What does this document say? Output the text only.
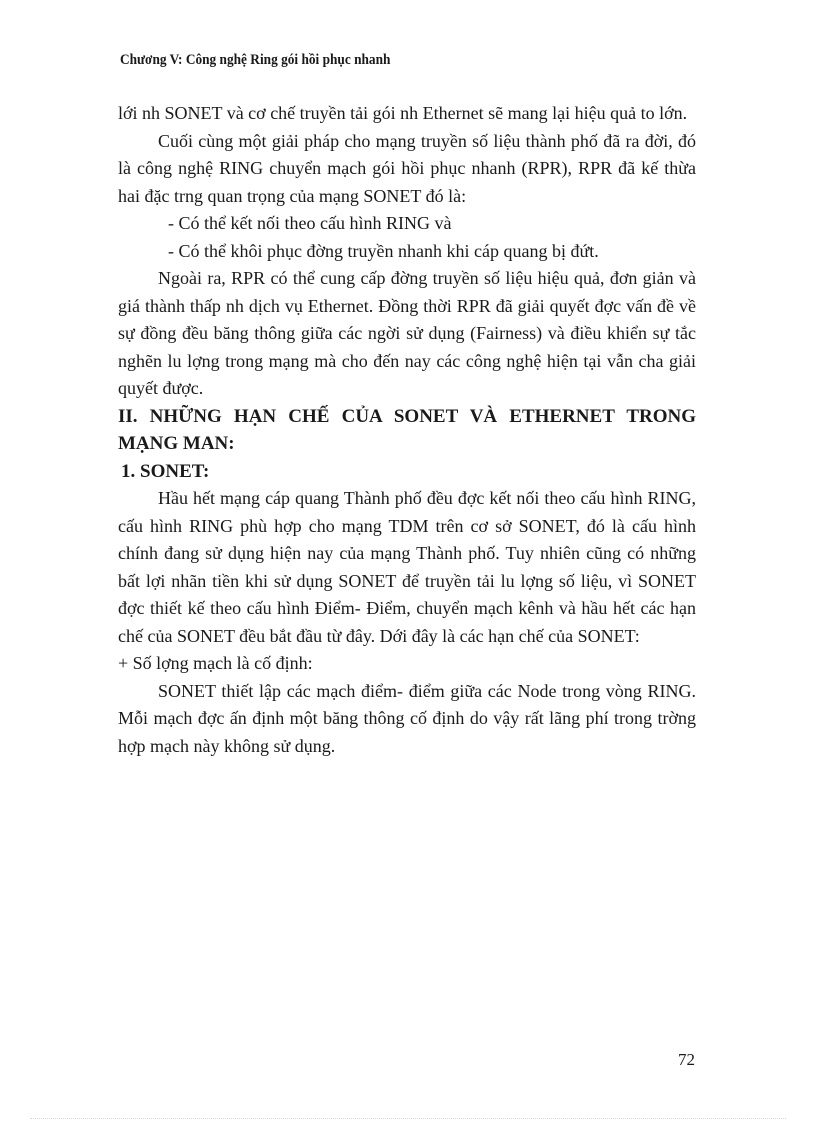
Chương V: Công nghệ Ring gói hồi phục nhanh

lới nh SONET và cơ chế truyền tải gói nh Ethernet sẽ mang lại hiệu quả to lớn.

Cuối cùng một giải pháp cho mạng truyền số liệu thành phố đã ra đời, đó là công nghệ RING chuyển mạch gói hồi phục nhanh (RPR), RPR đã kế thừa hai đặc trng quan trọng của mạng SONET đó là:

- Có thể kết nối theo cấu hình RING và

- Có thể khôi phục đờng truyền nhanh khi cáp quang bị đứt.

Ngoài ra, RPR có thể cung cấp đờng truyền số liệu hiệu quả, đơn giản và giá thành thấp nh dịch vụ Ethernet. Đồng thời RPR đã giải quyết đợc vấn đề về sự đồng đều băng thông giữa các ngời sử dụng (Fairness) và điều khiển sự tắc nghẽn lu lợng trong mạng mà cho đến nay các công nghệ hiện tại vẫn cha giải quyết được.

II. NHỮNG HẠN CHẾ CỦA SONET VÀ ETHERNET TRONG MẠNG MAN:

1. SONET:

Hầu hết mạng cáp quang Thành phố đều đợc kết nối theo cấu hình RING, cấu hình RING phù hợp cho mạng TDM trên cơ sở SONET, đó là cấu hình chính đang sử dụng hiện nay của mạng Thành phố. Tuy nhiên cũng có những bất lợi nhãn tiền khi sử dụng SONET để truyền tải lu lợng số liệu, vì SONET đợc thiết kế theo cấu hình Điểm- Điểm, chuyển mạch kênh và hầu hết các hạn chế của SONET đều bắt đầu từ đây. Dới đây là các hạn chế của SONET:

+ Số lợng mạch là cố định:

SONET thiết lập các mạch điểm- điểm giữa các Node trong vòng RING. Mỗi mạch đợc ấn định một băng thông cố định do vậy rất lãng phí trong trờng hợp mạch này không sử dụng.

72
